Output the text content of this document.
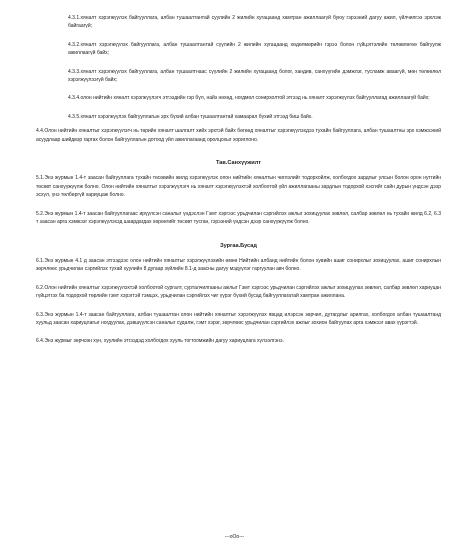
4.3.1.хяналт хэрэгжүүлэх байгууллага, албан тушаалтантай суулийн 2 жилийн хугацаанд хамтран ажиллаагүй буюу гэрээний дагуу ажил, үйлчилгээ эрхлэж байгаагүй;

4.3.2.хяналт хэрэгжүүлэх байгууллага, албан тушаалтантай сүүлийн 2 жилийн хугацаанд хөдөлмөрийн гэрээ болон гүйцэтгэлийн төлөвлөгөө байгуулж ажиллаагүй байх;

4.3.3.хяналт хэрэгжүүлэх байгууллага, албан тушаалтнаас сүүлийн 2 жилийн хугацаанд болог, хандив, санхүүгийн дэмжлэг, тусламж аваагүй, мөн төлөөлөл хэрэгжүүлээгүй байх;

4.3.4.олон нийтийн хяналт хэрэгжүүлэгч этгээдийн гэр бүл, найз нөхөд, ногдмол сонирхолтой этгээд нь хяналт хэрэгжүүлэх байгууллагад ажиллаагүй байх;

4.3.5.хяналт хэрэгжүүлэх байгууллагын эрх бүхий албан тушаалтантай хамаарал бүхий этгээд биш байх.

4.4.Олон нийтийн хяналтыг хэрэгжүүлэгч нь төрийн хяналт шалгалт хийх эрхтэй байх бөгөөд хяналтыг хэрэгжүүлэхдээ тухайн байгууллага, албан тушаалтны эрх хэмжээний асуудлаар шийдвэр гаргах болон байгууллагын дотоод үйл ажиллагаанд оролцохыг хориглоно.

Тав.Санхүүжилт

5.1.Энэ журмын 1.4-т заасан байгууллага тухайн төсөвийн жилд хэрэгжүүлэх олон нийтийн хяналтын чиглэлийг тодорхойлж, холбогдох зардлыг улсын болон орон нутгийн төсөвт санхүүжүүлж болно. Олон нийтийн хяналтыг хэрэгжүүлэгч нь хяналт хэрэгжүүлэхтэй холбоотой үйл ажиллагааны зардлын тодорхой хэсгийг сайн дурын үндсэн дээр эсхүл, үнэ төлбөргүй хариуцаж болно.

5.2.Энэ журмын 1.4-т заасан байгууллагаас ирүүлсэн саналыг үндэслэн Гэмт хэргээс урьдчилан сэргийлэх ажлыг зохицуулах зөвлөл, салбар зөвлөл нь тухайн жилд 6.2, 6.3 т заасан арга хэмжээг хэрэгжүүлэхэд шаардагдах хөрөнгийг төсөвт тусган, гэрээний үндсэн дээр санхүүжүүлж болно.

Зургаа.Бусад

6.1.Энэ журмын 4.1 д заасан этгээдээс олон нийтийн хяналтыг хэрэгжүүлэхийн өмнө Нийтийн албанд нийтийн болон хувийн ашиг сонирхлыг зохицуулах, ашиг сонирхлын зөрчлөөс урьдчилан сэргийлэх тухай хуулийн 8 дугаар зүйлийн 8.1-д заасны дагуу мэдүүлэг гаргуулан авч болно.

6.2.Олон нийтийн хяналтыг хэрэгжүүлэхтэй холбоотой сургалт, сурталчилгааны ажлыг Гэмт хэргээс урьдчилан сэргийлэх ажлыг зохицуулах зөвлөл, салбар зөвлөл хариуцан гүйцэтгэх ба тодорхой төрлийн гэмт хэрэгтэй тэмцэх, урьдчилан сэргийлэх чиг үүрэг бүхий бусад байгууллагатай хамтран ажиллана.

6.3.Энэ журмын 1.4-т заасан байгууллага, албан тушаалтан олон нийтийн хяналтыг хэрэгжүүлэх явцад илэрсэн зөрчил, дутагдлыг арилгах, холбогдох албан тушаалтанд хуульд заасан хариуцлагыг ногдуулах, дэвшүүлсэн саналыг судалж, гэмт хэрэг, зөрчлөөс урьдчилан сэргийлэх ажлыг зохион байгуулах арга хэмжээг авах үүрэгтэй.

6.4.Энэ журмыг зөрчсөн хүн, хуулийн этгээдэд холбогдох хууль тогтоомжийн дагуу хариуцлага хүлээлгэнэ.

---oOo---
